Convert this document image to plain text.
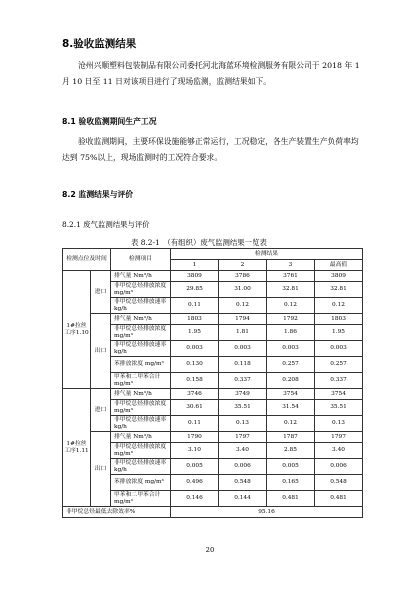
8.验收监测结果
沧州兴顺塑料包装制品有限公司委托河北海蓝环境检测服务有限公司于 2018 年 1 月 10 日至 11 日对该项目进行了现场监测，监测结果如下。
8.1 验收监测期间生产工况
验收监测期间，主要环保设施能够正常运行，工况稳定，各生产装置生产负荷率均达到 75%以上，现场监测时的工况符合要求。
8.2 监测结果与评价
8.2.1 废气监测结果与评价
表 8.2-1　（有组织）废气监测结果一览表
检测点位及时间		检测项目	检测结果			
			1	2	3	最高值
1#拉丝工序1.10	进口	排气量 Nm³/h	3809	3786	3761	3809
		非甲烷总烃排放浓度 mg/m³	29.85	31.00	32.81	32.81
		非甲烷总烃排放速率 kg/h	0.11	0.12	0.12	0.12
	出口	排气量 Nm³/h	1803	1794	1792	1803
		非甲烷总烃排放浓度 mg/m³	1.95	1.81	1.86	1.95
		非甲烷总烃排放速率 kg/h	0.003	0.003	0.003	0.003
		苯排放浓度 mg/m³	0.130	0.118	0.257	0.257
		甲苯和二甲苯合计 mg/m³	0.158	0.337	0.208	0.337
1#拉丝工序1.11	进口	排气量 Nm³/h	3746	3749	3754	3754
		非甲烷总烃排放浓度 mg/m³	30.61	35.51	31.54	35.51
		非甲烷总烃排放速率 kg/h	0.11	0.13	0.12	0.13
	出口	排气量 Nm³/h	1790	1797	1787	1797
		非甲烷总烃排放浓度 mg/m³	3.10	3.40	2.85	3.40
		非甲烷总烃排放速率 kg/h	0.005	0.006	0.005	0.006
		苯排放浓度 mg/m³	0.496	0.548	0.165	0.548
		甲苯和二甲苯合计 mg/m³	0.146	0.144	0.481	0.481
非甲烷总烃最低去除效率%			95.16			
20
